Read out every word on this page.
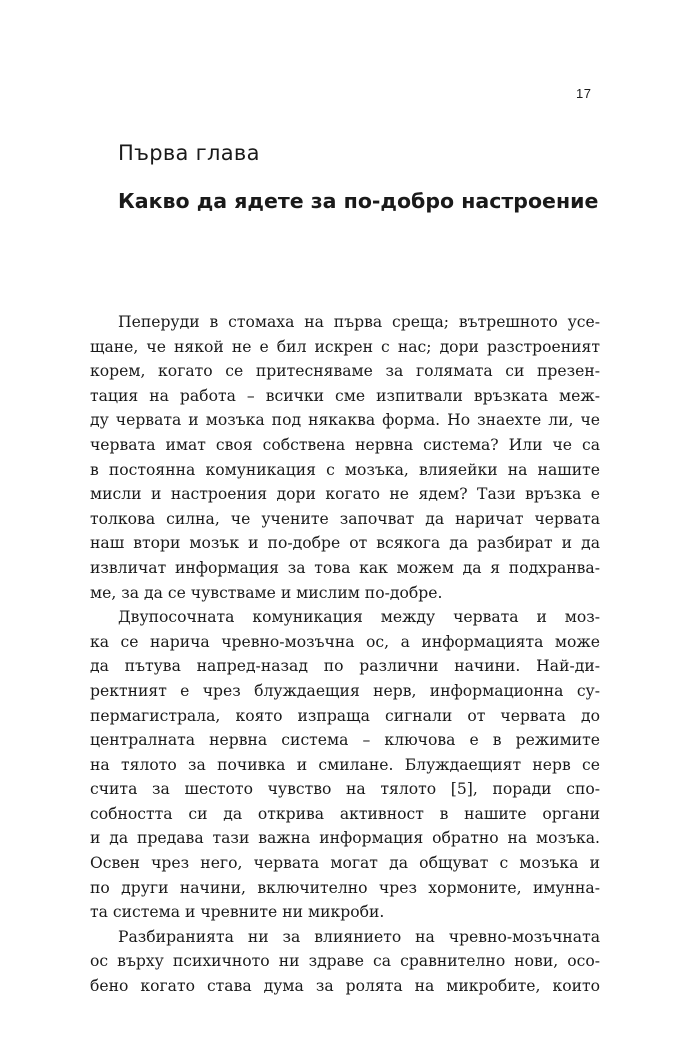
17
Първа глава
Какво да ядете за по-добро настроение

Пеперуди в стомаха на първа среща; вътрешното усе-
щане, че някой не е бил искрен с нас; дори разстроеният
корем, когато се притесняваме за голямата си презен-
тация на работа – всички сме изпитвали връзката меж-
ду червата и мозъка под някаква форма. Но знаехте ли, че
червата имат своя собствена нервна система? Или че са
в постоянна комуникация с мозъка, влияейки на нашите
мисли и настроения дори когато не ядем? Тази връзка е
толкова силна, че учените започват да наричат червата
наш втори мозък и по-добре от всякога да разбират и да
извличат информация за това как можем да я подхранва-
ме, за да се чувстваме и мислим по-добре.

Двупосочната комуникация между червата и моз-
ка се нарича чревно-мозъчна ос, а информацията може
да пътува напред-назад по различни начини. Най-ди-
ректният е чрез блуждаещия нерв, информационна су-
пермагистрала, която изпраща сигнали от червата до
централната нервна система – ключова е в режимите
на тялото за почивка и смилане. Блуждаещият нерв се
счита за шестото чувство на тялото [5], поради спо-
собността си да открива активност в нашите органи
и да предава тази важна информация обратно на мозъка.
Освен чрез него, червата могат да общуват с мозъка и
по други начини, включително чрез хормоните, имунна-
та система и чревните ни микроби.

Разбиранията ни за влиянието на чревно-мозъчната
ос върху психичното ни здраве са сравнително нови, осо-
бено когато става дума за ролята на микробите, които
